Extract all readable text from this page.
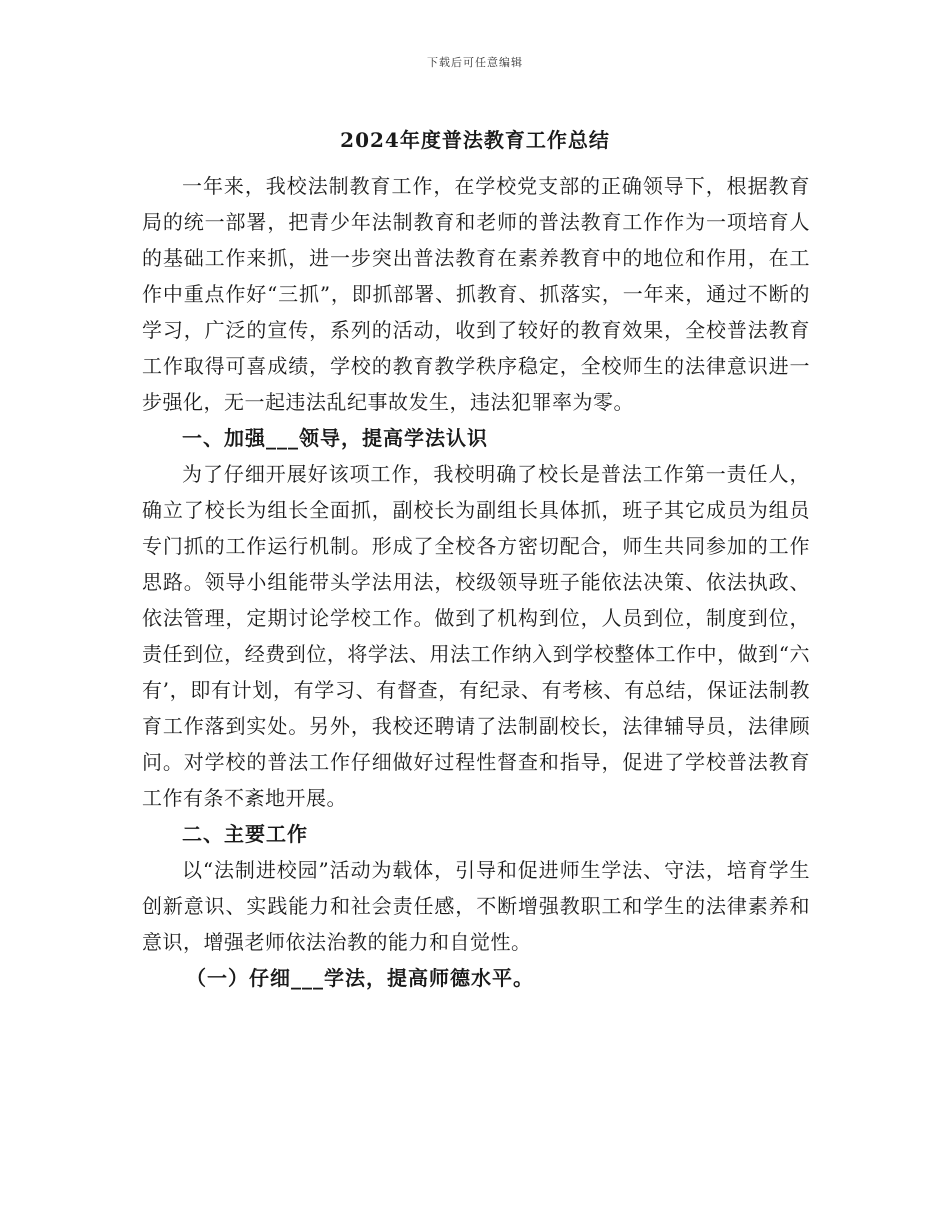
下载后可任意编辑
2024年度普法教育工作总结

一年来，我校法制教育工作，在学校党支部的正确领导下，根据教育局的统一部署，把青少年法制教育和老师的普法教育工作作为一项培育人的基础工作来抓，进一步突出普法教育在素养教育中的地位和作用，在工作中重点作好“三抓”，即抓部署、抓教育、抓落实，一年来，通过不断的学习，广泛的宣传，系列的活动，收到了较好的教育效果，全校普法教育工作取得可喜成绩，学校的教育教学秩序稳定，全校师生的法律意识进一步强化，无一起违法乱纪事故发生，违法犯罪率为零。

一、加强___领导，提高学法认识

为了仔细开展好该项工作，我校明确了校长是普法工作第一责任人，确立了校长为组长全面抓，副校长为副组长具体抓，班子其它成员为组员专门抓的工作运行机制。形成了全校各方密切配合，师生共同参加的工作思路。领导小组能带头学法用法，校级领导班子能依法决策、依法执政、依法管理，定期讨论学校工作。做到了机构到位，人员到位，制度到位，责任到位，经费到位，将学法、用法工作纳入到学校整体工作中，做到“六有’，即有计划，有学习、有督查，有纪录、有考核、有总结，保证法制教育工作落到实处。另外，我校还聘请了法制副校长，法律辅导员，法律顾问。对学校的普法工作仔细做好过程性督查和指导，促进了学校普法教育工作有条不紊地开展。

二、主要工作

以“法制进校园”活动为载体，引导和促进师生学法、守法，培育学生创新意识、实践能力和社会责任感，不断增强教职工和学生的法律素养和意识，增强老师依法治教的能力和自觉性。

（一）仔细___学法，提高师德水平。
